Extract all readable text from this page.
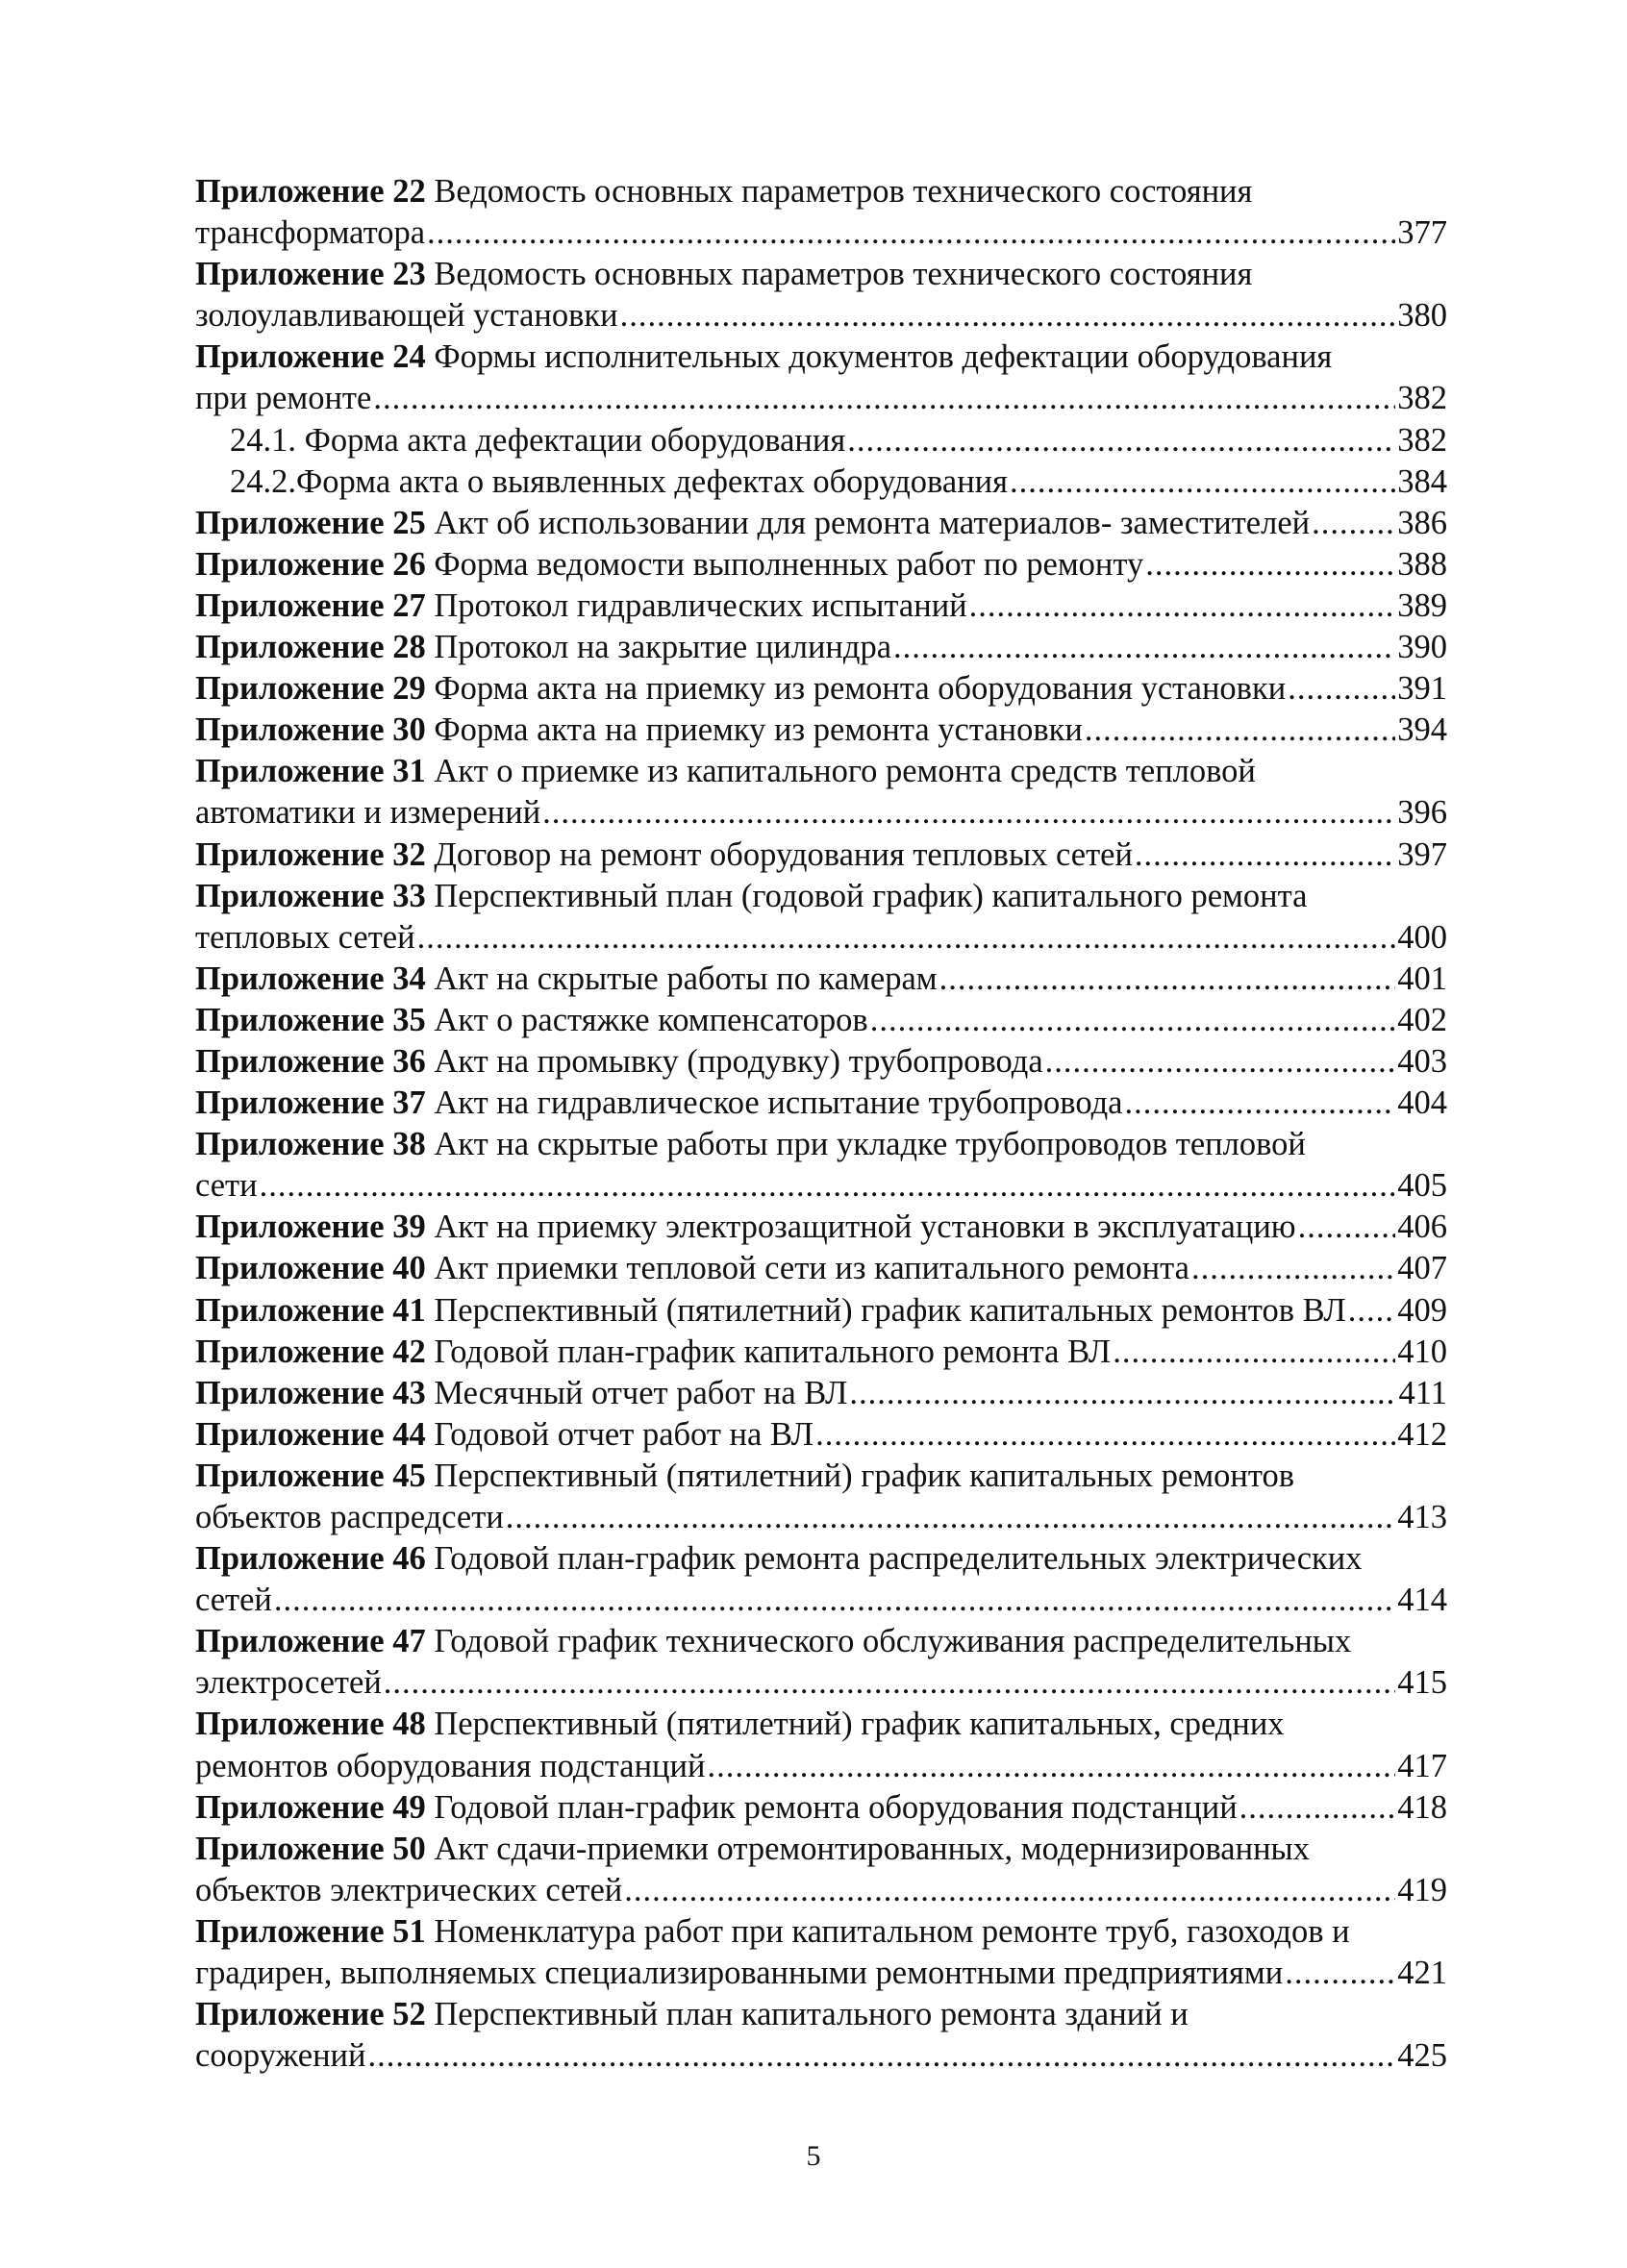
Приложение 22 Ведомость основных параметров технического состояния
трансформатора .....	377
Приложение 23 Ведомость основных параметров технического состояния
золоулавливающей установки .....	380
Приложение 24 Формы исполнительных документов дефектации оборудования
при ремонте .....	382
24.1. Форма акта дефектации оборудования .....	382
24.2.Форма акта о выявленных дефектах оборудования .....	384
Приложение 25 Акт об использовании для ремонта материалов- заместителей .....	386
Приложение 26 Форма ведомости выполненных работ по ремонту .....	388
Приложение 27 Протокол гидравлических испытаний .....	389
Приложение 28 Протокол на закрытие цилиндра .....	390
Приложение 29 Форма акта на приемку из ремонта оборудования установки .....	391
Приложение 30 Форма акта на приемку из ремонта установки .....	394
Приложение 31 Акт о приемке из капитального ремонта средств тепловой
автоматики и измерений .....	396
Приложение 32 Договор на ремонт оборудования тепловых сетей .....	397
Приложение 33 Перспективный план (годовой график) капитального ремонта
тепловых сетей .....	400
Приложение 34 Акт на скрытые работы по камерам .....	401
Приложение 35 Акт о растяжке компенсаторов .....	402
Приложение 36 Акт на промывку (продувку) трубопровода .....	403
Приложение 37 Акт на гидравлическое испытание трубопровода .....	404
Приложение 38 Акт на скрытые работы при укладке трубопроводов тепловой
сети .....	405
Приложение 39 Акт на приемку электрозащитной установки в эксплуатацию .....	406
Приложение 40 Акт приемки тепловой сети из капитального ремонта .....	407
Приложение 41 Перспективный (пятилетний) график капитальных ремонтов ВЛ ..... 409
Приложение 42 Годовой план-график капитального ремонта ВЛ .....	410
Приложение 43 Месячный отчет работ на ВЛ .....	411
Приложение 44 Годовой отчет работ на ВЛ .....	412
Приложение 45 Перспективный (пятилетний) график капитальных ремонтов
объектов распредсети .....	413
Приложение 46 Годовой план-график ремонта распределительных электрических
сетей .....	414
Приложение 47 Годовой график технического обслуживания распределительных
электросетей .....	415
Приложение 48 Перспективный (пятилетний) график капитальных, средних
ремонтов оборудования подстанций .....	417
Приложение 49 Годовой план-график ремонта оборудования подстанций .....	418
Приложение 50 Акт сдачи-приемки отремонтированных, модернизированных
объектов электрических сетей .....	419
Приложение 51 Номенклатура работ при капитальном ремонте труб, газоходов и
градирен, выполняемых специализированными ремонтными предприятиями .....	421
Приложение 52 Перспективный план капитального ремонта зданий и
сооружений .....	425
5
